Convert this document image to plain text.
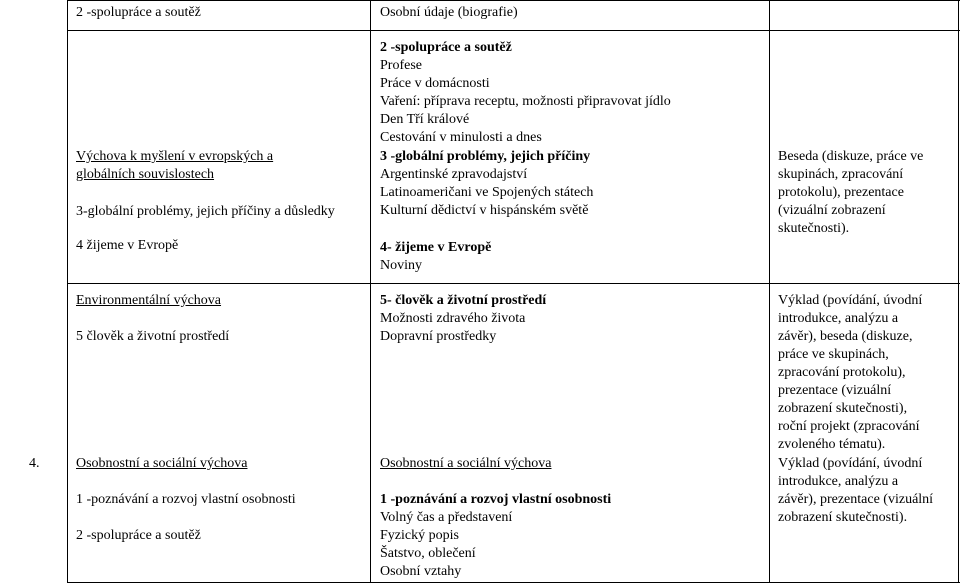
2 -spolupráce a soutěž	Osobní údaje (biografie)
Výchova k myšlení v evropských a
globálních souvislostech
3-globální problémy, jejich příčiny a důsledky
4 žijeme v Evropě
2 -spolupráce a soutěž
Profese
Práce v domácnosti
Vaření: příprava receptu, možnosti připravovat jídlo
Den Tří králové
Cestování v minulosti a dnes
3 -globální problémy, jejich příčiny
Argentinské zpravodajství
Latinoameričani ve Spojených státech
Kulturní dědictví v hispánském světě
4- žijeme v Evropě
Noviny
Beseda (diskuze, práce ve
skupinách, zpracování
protokolu), prezentace
(vizuální zobrazení
skutečnosti).
Environmentální výchova
5 člověk a životní prostředí
5- člověk a životní prostředí
Možnosti zdravého života
Dopravní prostředky
Výklad (povídání, úvodní
introdukce, analýzu a
závěr), beseda (diskuze,
práce ve skupinách,
zpracování protokolu),
prezentace (vizuální
zobrazení skutečnosti),
roční projekt (zpracování
zvoleného tématu).
4.	Osobnostní a sociální výchova
1 -poznávání a rozvoj vlastní osobnosti
2 -spolupráce a soutěž
Osobnostní a sociální výchova
1 -poznávání a rozvoj vlastní osobnosti
Volný čas a představení
Fyzický popis
Šatstvo, oblečení
Osobní vztahy
Výklad (povídání, úvodní
introdukce, analýzu a
závěr), prezentace (vizuální
zobrazení skutečnosti).
